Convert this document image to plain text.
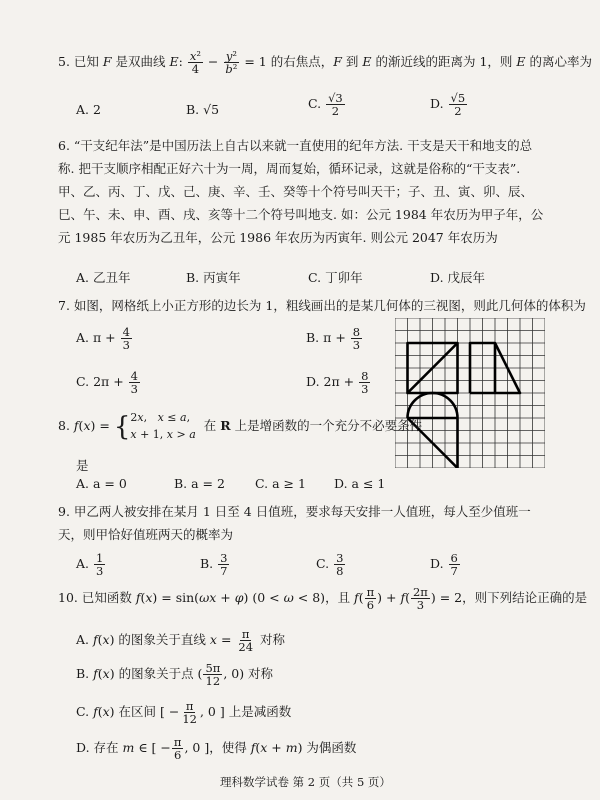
5. 已知 F 是双曲线 E: $\frac{\text{x²}}{4} - \frac{\text{y²}}{\text{b²}} = 1$ 的右焦点，F 到 E 的渐近线的距离为 1，则 E 的离心率为
A. 2	B. √5	C. $\frac{√3}{2}$	D. $\frac{√5}{2}$
6. “干支纪年法”是中国历法上自古以来就一直使用的纪年方法. 干支是天干和地支的总称. 把干支顺序相配正好六十为一周，周而复始，循环记录，这就是俗称的“干支表”. 甲、乙、丙、丁、戊、己、庚、辛、壬、癸等十个符号叫天干；子、丑、寅、卯、辰、巳、午、未、申、酉、戌、亥等十二个符号叫地支. 如：公元 1984 年农历为甲子年，公元 1985 年农历为乙丑年，公元 1986 年农历为丙寅年. 则公元 2047 年农历为
A. 乙丑年	B. 丙寅年	C. 丁卯年	D. 戊辰年
7. 如图，网格纸上小正方形的边长为 1，粗线画出的是某几何体的三视图，则此几何体的体积为
A. $\pi + \frac{4}{3}$	B. $\pi + \frac{8}{3}$
C. $2\pi + \frac{4}{3}$	D. $2\pi + \frac{8}{3}$
8. f(x) = {2x,   x ≤ a,
x + 1, x > a  在 R 上是增函数的一个充分不必要条件
是
A. a = 0	B. a = 2 C. a ≥ 1 D. a ≤ 1
9. 甲乙两人被安排在某月 1 日至 4 日值班，要求每天安排一人值班，每人至少值班一天，则甲恰好值班两天的概率为
A. $\frac{1}{3}$	B. $\frac{3}{7}$	C. $\frac{3}{8}$	D. $\frac{6}{7}$
10. 已知函数 f(x) = sin(ωx + φ) (0 < ω < 8)，且 $f( \frac{\pi}{6}$ ) + $f( \frac{2\pi}{3}$ ) = 2，则下列结论正确的是
A. f(x) 的图象关于直线 $x = \frac{\pi}{24}$ 对称
B. f(x) 的图象关于点 ( $\frac{5\pi}{12}$ , 0) 对称
C. f(x) 在区间 [ − $\frac{\pi}{12}$ , 0 ] 上是减函数
D. 存在 m ∈ [ − $\frac{\pi}{6}$ , 0 ]，使得 f(x + m) 为偶函数
理科数学试卷 第 2 页（共 5 页）
